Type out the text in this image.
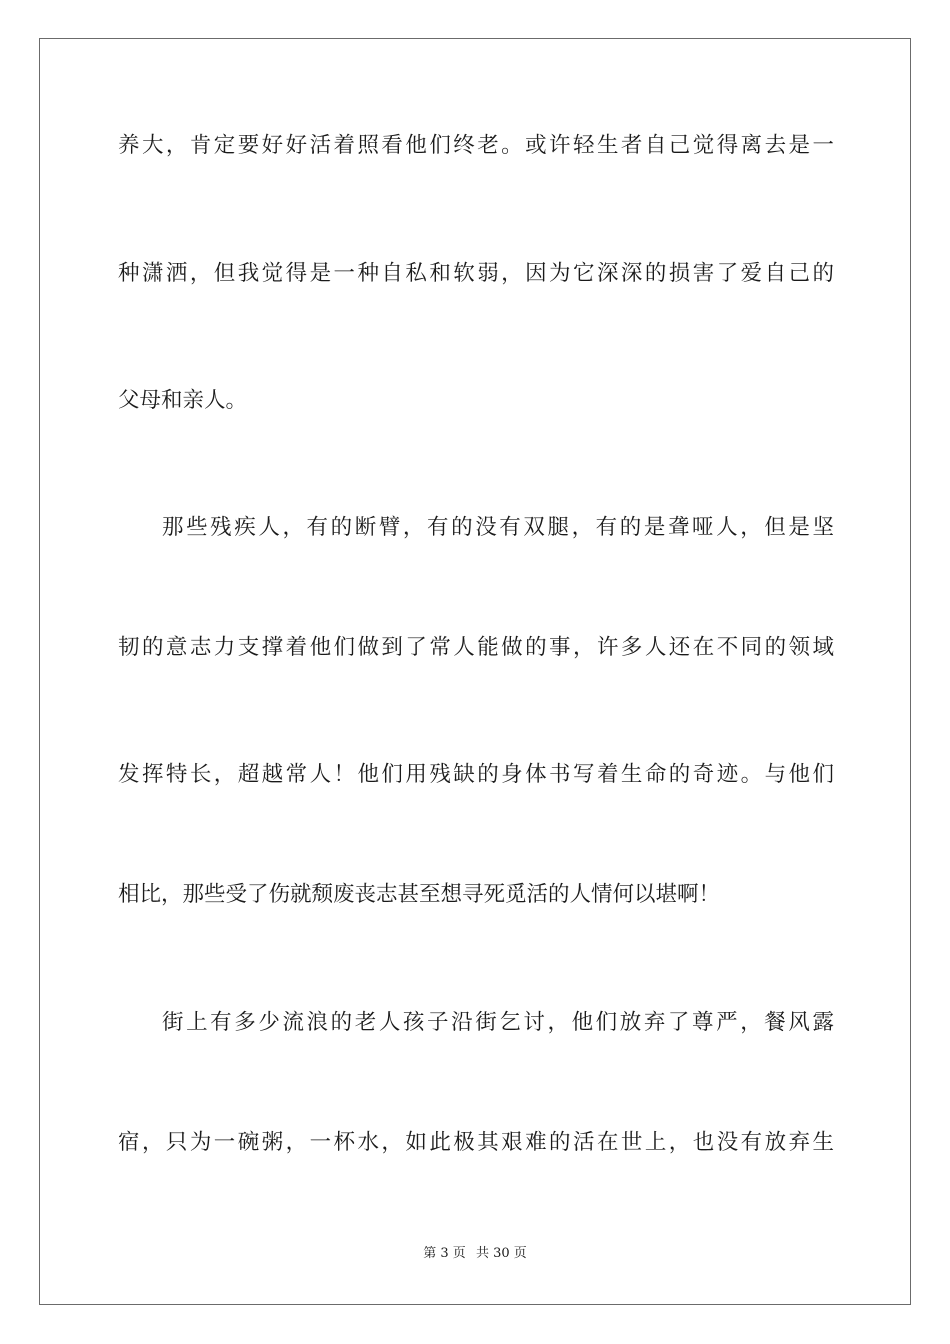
养大，肯定要好好活着照看他们终老。或许轻生者自己觉得离去是一
种潇洒，但我觉得是一种自私和软弱，因为它深深的损害了爱自己的
父母和亲人。
那些残疾人，有的断臂，有的没有双腿，有的是聋哑人，但是坚
韧的意志力支撑着他们做到了常人能做的事，许多人还在不同的领域
发挥特长，超越常人！他们用残缺的身体书写着生命的奇迹。与他们
相比，那些受了伤就颓废丧志甚至想寻死觅活的人情何以堪啊！
街上有多少流浪的老人孩子沿街乞讨，他们放弃了尊严，餐风露
宿，只为一碗粥，一杯水，如此极其艰难的活在世上，也没有放弃生
第 3 页 共 30 页
